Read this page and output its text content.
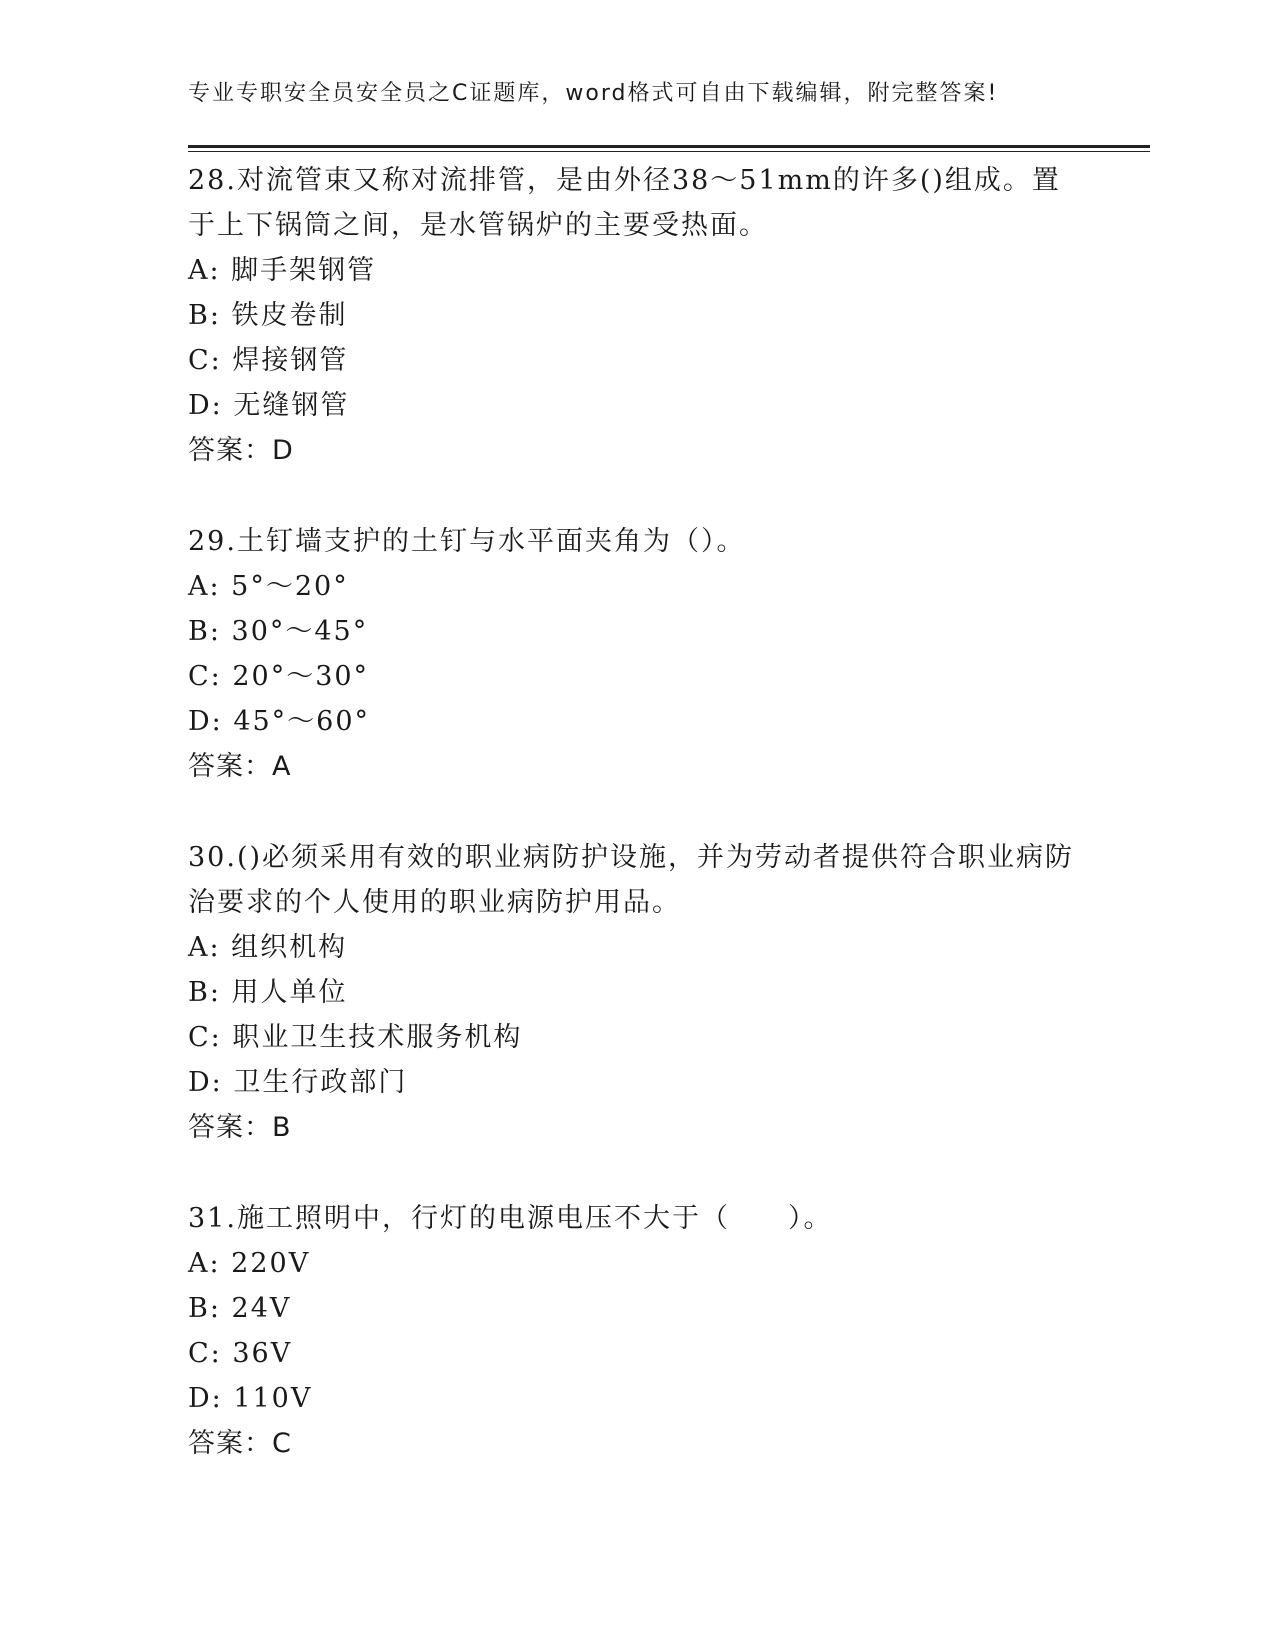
专业专职安全员安全员之C证题库，word格式可自由下载编辑，附完整答案!
28.对流管束又称对流排管，是由外径38～51mm的许多()组成。置于上下锅筒之间，是水管锅炉的主要受热面。
A: 脚手架钢管
B: 铁皮卷制
C: 焊接钢管
D: 无缝钢管
答案：D
29.土钉墙支护的土钉与水平面夹角为（）。
A: 5°～20°
B: 30°～45°
C: 20°～30°
D: 45°～60°
答案：A
30.()必须采用有效的职业病防护设施，并为劳动者提供符合职业病防治要求的个人使用的职业病防护用品。
A: 组织机构
B: 用人单位
C: 职业卫生技术服务机构
D: 卫生行政部门
答案：B
31.施工照明中，行灯的电源电压不大于（　　）。
A: 220V
B: 24V
C: 36V
D: 110V
答案：C
